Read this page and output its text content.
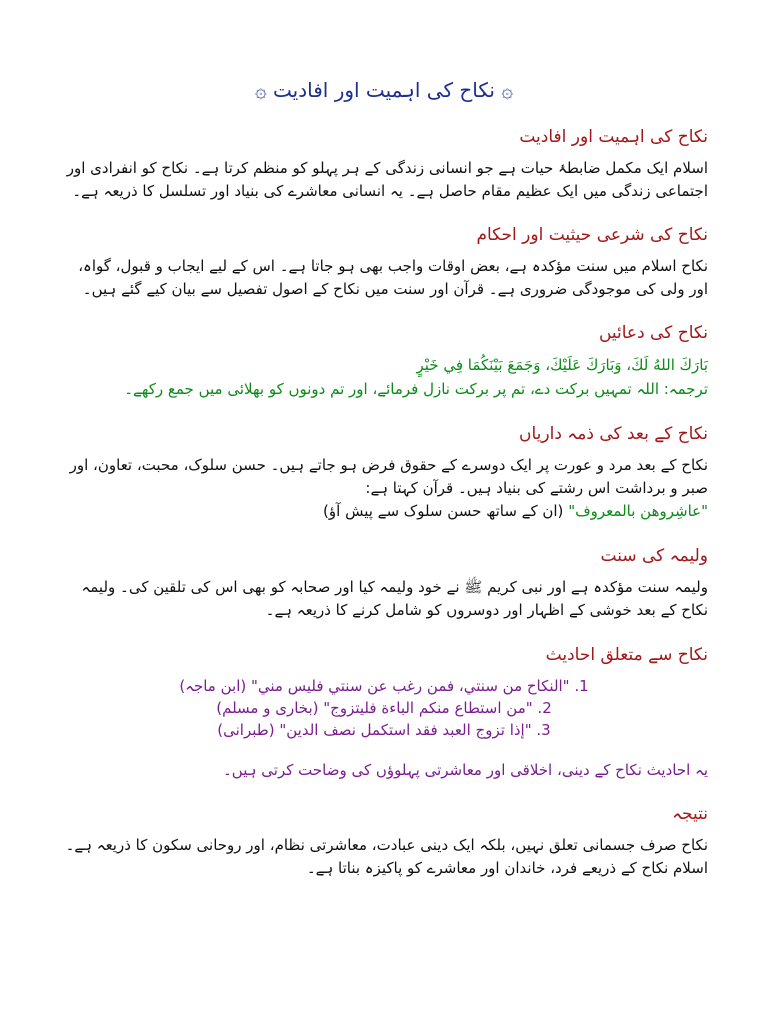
۞ نکاح کی اہمیت اور افادیت ۞
نکاح کی اہمیت اور افادیت

اسلام ایک مکمل ضابطۂ حیات ہے جو انسانی زندگی کے ہر پہلو کو منظم کرتا ہے۔ نکاح کو انفرادی اور اجتماعی زندگی میں ایک عظیم مقام حاصل ہے۔ یہ انسانی معاشرے کی بنیاد اور تسلسل کا ذریعہ ہے۔

نکاح کی شرعی حیثیت اور احکام

نکاح اسلام میں سنت مؤکدہ ہے، بعض اوقات واجب بھی ہو جاتا ہے۔ اس کے لیے ایجاب و قبول، گواہ، اور ولی کی موجودگی ضروری ہے۔ قرآن اور سنت میں نکاح کے اصول تفصیل سے بیان کیے گئے ہیں۔

نکاح کی دعائیں

بَارَكَ اللهُ لَكَ، وَبَارَكَ عَلَيْكَ، وَجَمَعَ بَيْنَكُمَا فِي خَيْرٍ

ترجمہ: اللہ تمہیں برکت دے، تم پر برکت نازل فرمائے، اور تم دونوں کو بھلائی میں جمع رکھے۔

نکاح کے بعد کی ذمہ داریاں

نکاح کے بعد مرد و عورت پر ایک دوسرے کے حقوق فرض ہو جاتے ہیں۔ حسن سلوک، محبت، تعاون، اور صبر و برداشت اس رشتے کی بنیاد ہیں۔ قرآن کہتا ہے:
"عاشِروهن بالمعروف" (ان کے ساتھ حسن سلوک سے پیش آؤ)

ولیمہ کی سنت

ولیمہ سنت مؤکدہ ہے اور نبی کریم ﷺ نے خود ولیمہ کیا اور صحابہ کو بھی اس کی تلقین کی۔ ولیمہ نکاح کے بعد خوشی کے اظہار اور دوسروں کو شامل کرنے کا ذریعہ ہے۔

نکاح سے متعلق احادیث
1. "النكاح من سنتي، فمن رغب عن سنتي فليس مني" (ابن ماجہ)
2. "من استطاع منكم الباءة فليتزوج" (بخاری و مسلم)
3. "إذا تزوج العبد فقد استكمل نصف الدين" (طبرانی)

یہ احادیث نکاح کے دینی، اخلاقی اور معاشرتی پہلوؤں کی وضاحت کرتی ہیں۔

نتیجہ

نکاح صرف جسمانی تعلق نہیں، بلکہ ایک دینی عبادت، معاشرتی نظام، اور روحانی سکون کا ذریعہ ہے۔ اسلام نکاح کے ذریعے فرد، خاندان اور معاشرے کو پاکیزہ بناتا ہے۔
